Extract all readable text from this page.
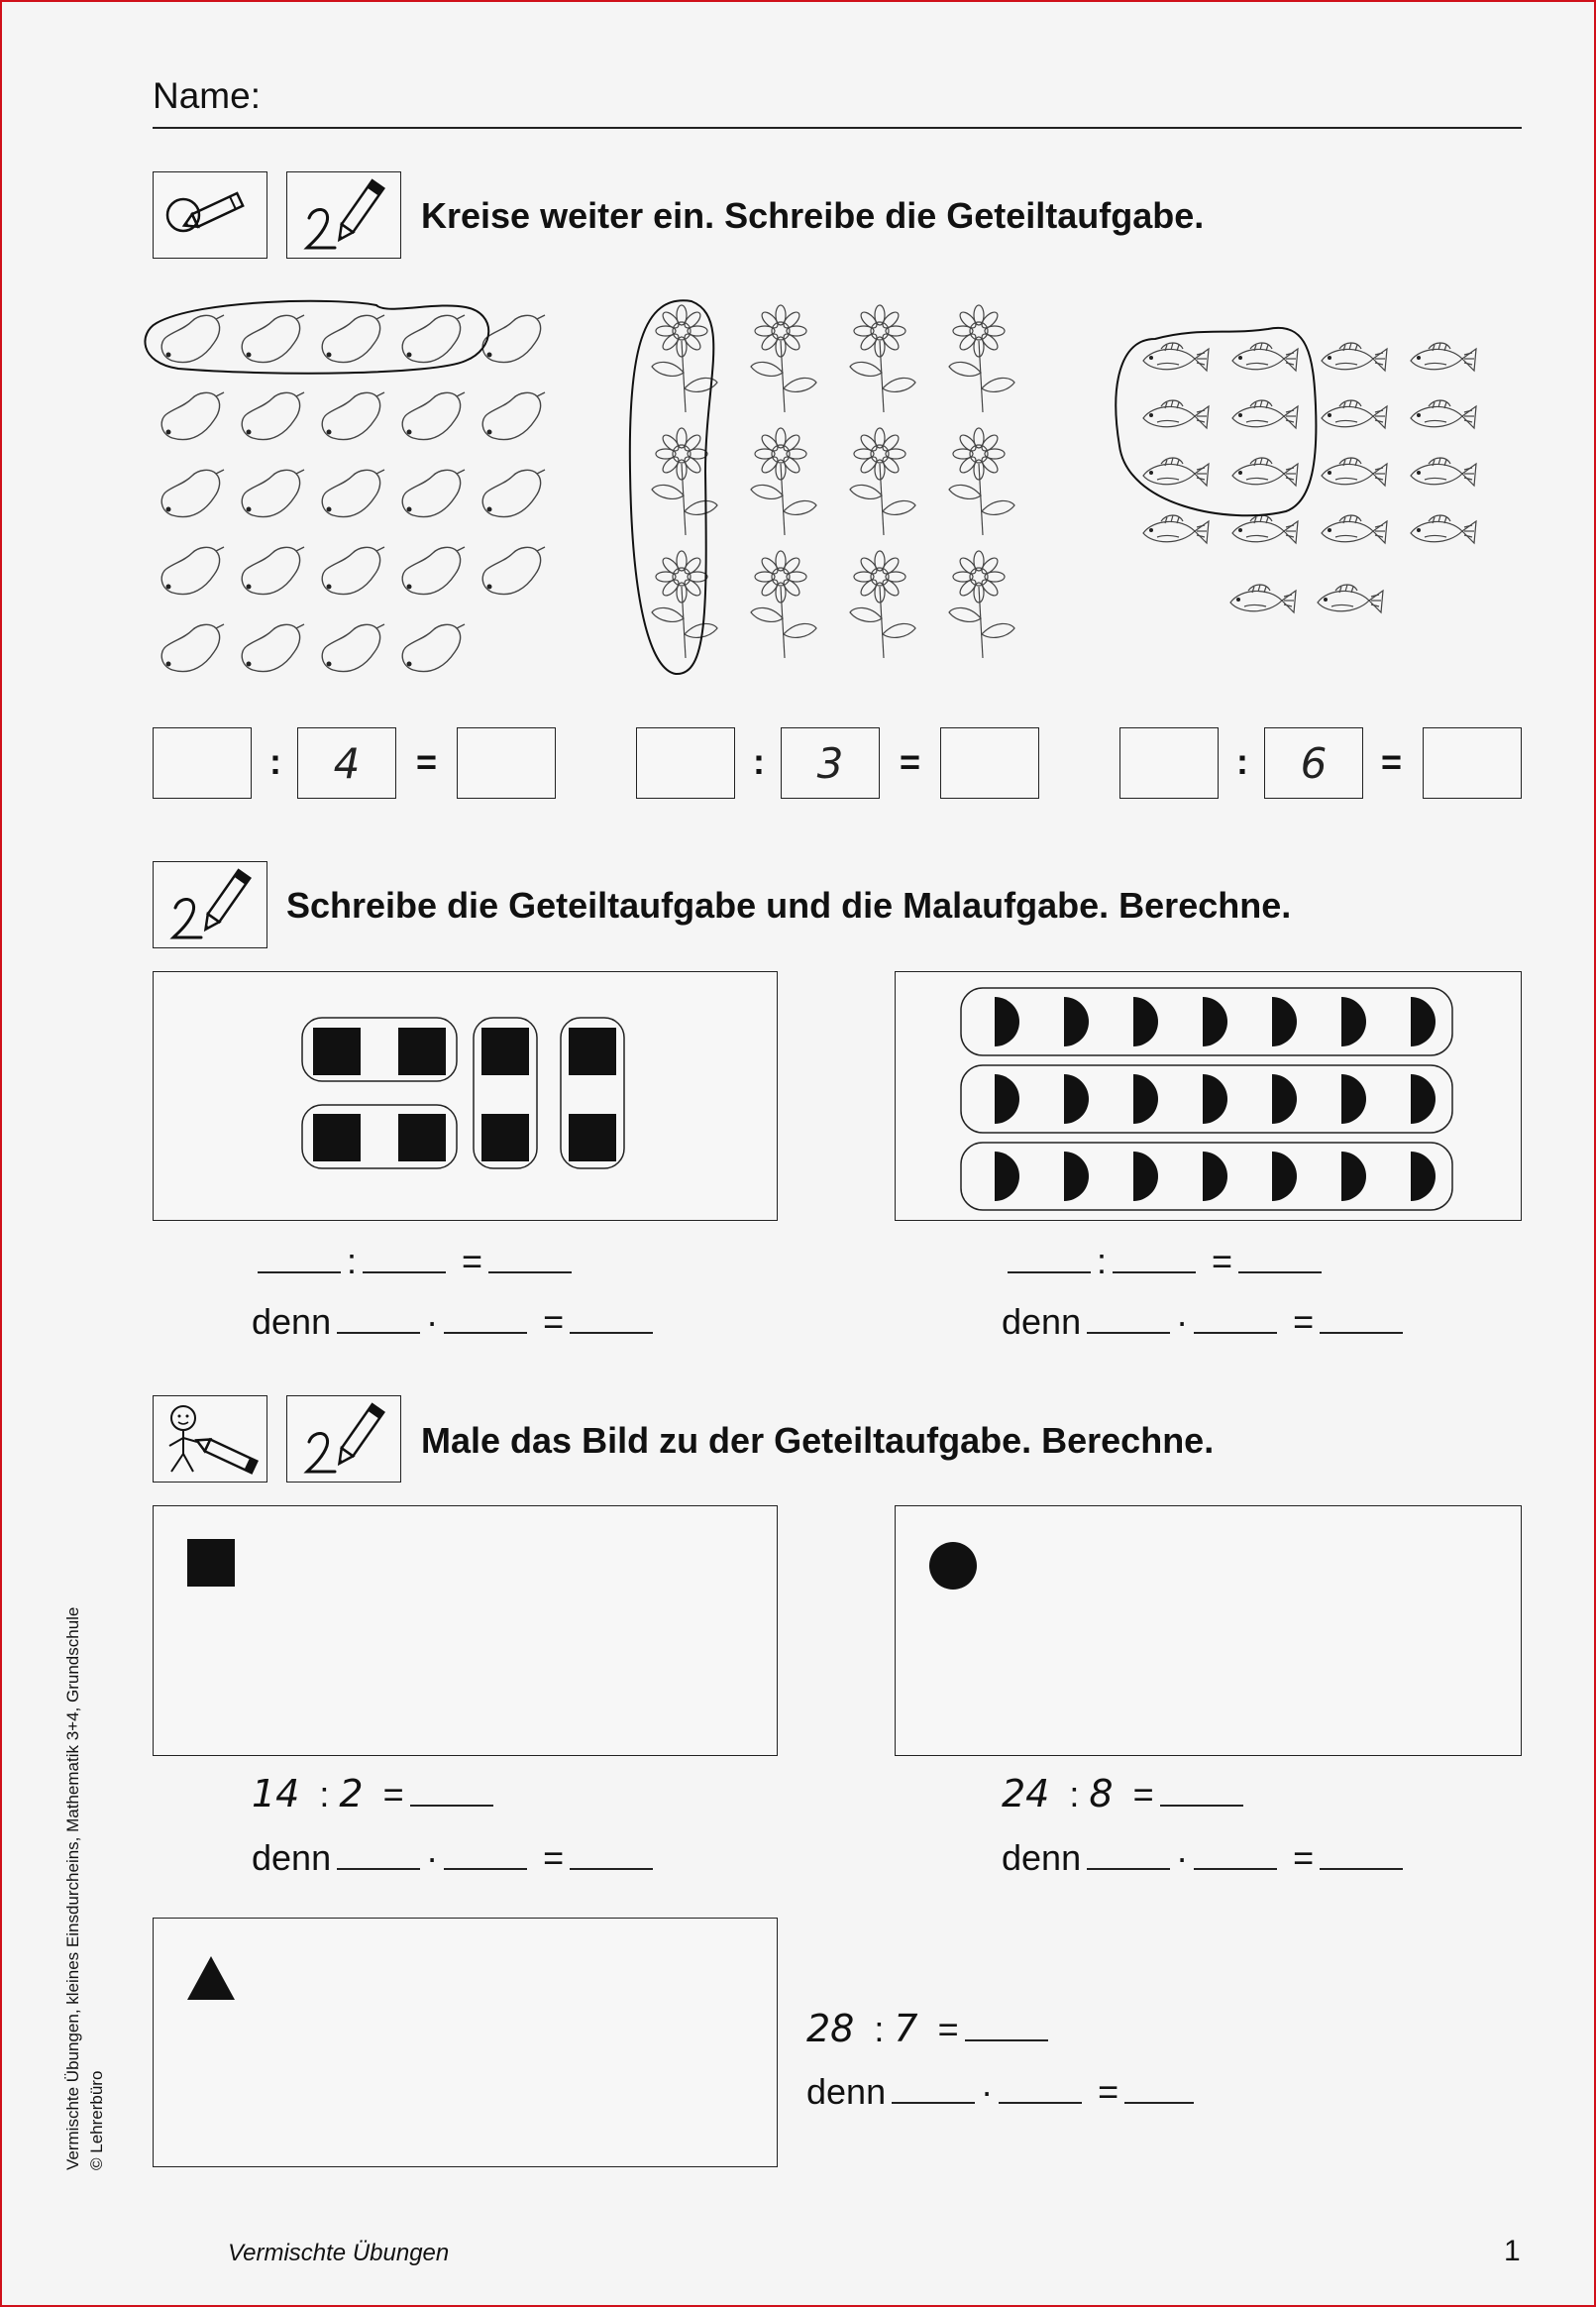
Name:
Kreise weiter ein. Schreibe die Geteiltaufgabe.
: 4 =	: 3 =	: 6 =
Schreibe die Geteiltaufgabe und die Malaufgabe. Berechne.
:	=
denn	·	=
:	=
denn	·	=
Male das Bild zu der Geteiltaufgabe. Berechne.
14 : 2 =
denn	·	=
24 : 8 =
denn	·	=
28 : 7 =
denn	·	=
Vermischte Übungen, kleines Einsdurcheins, Mathematik 3+4, Grundschule © Lehrerbüro
Vermischte Übungen	1
